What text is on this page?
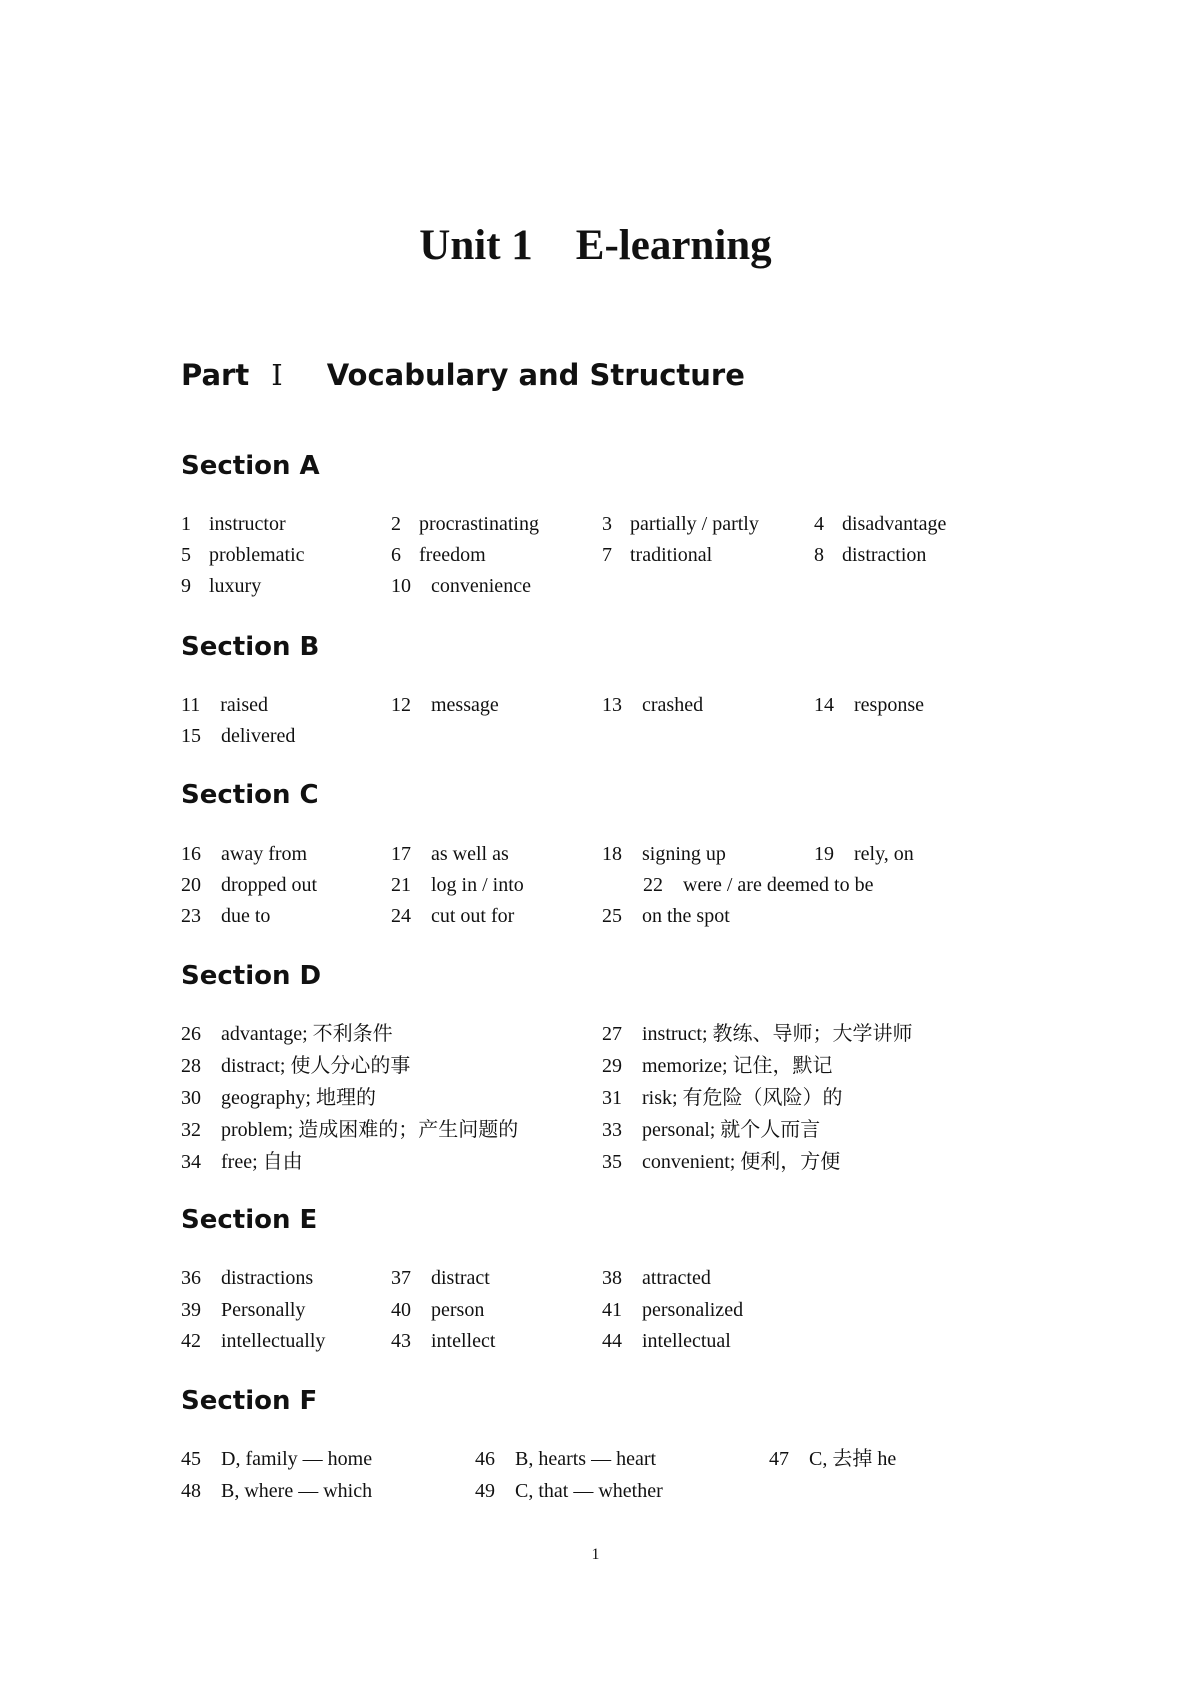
Unit 1    E-learning
Part Ⅰ Vocabulary and Structure
Section A
1 instructor	2 procrastinating	3 partially / partly	4 disadvantage
5 problematic	6 freedom	7 traditional	8 distraction
9 luxury	10 convenience
Section B
11 raised	12 message	13 crashed	14 response
15 delivered
Section C
16 away from	17 as well as	18 signing up	19 rely, on
20 dropped out	21 log in / into	22 were / are deemed to be
23 due to	24 cut out for	25 on the spot
Section D
26 advantage; 不利条件	27 instruct; 教练、导师；大学讲师
28 distract; 使人分心的事	29 memorize; 记住，默记
30 geography; 地理的	31 risk; 有危险（风险）的
32 problem; 造成困难的；产生问题的	33 personal; 就个人而言
34 free; 自由	35 convenient; 便利，方便
Section E
36 distractions	37 distract	38 attracted
39 Personally	40 person	41 personalized
42 intellectually	43 intellect	44 intellectual
Section F
45 D, family — home	46 B, hearts — heart	47 C, 去掉 he
48 B, where — which	49 C, that — whether
1
